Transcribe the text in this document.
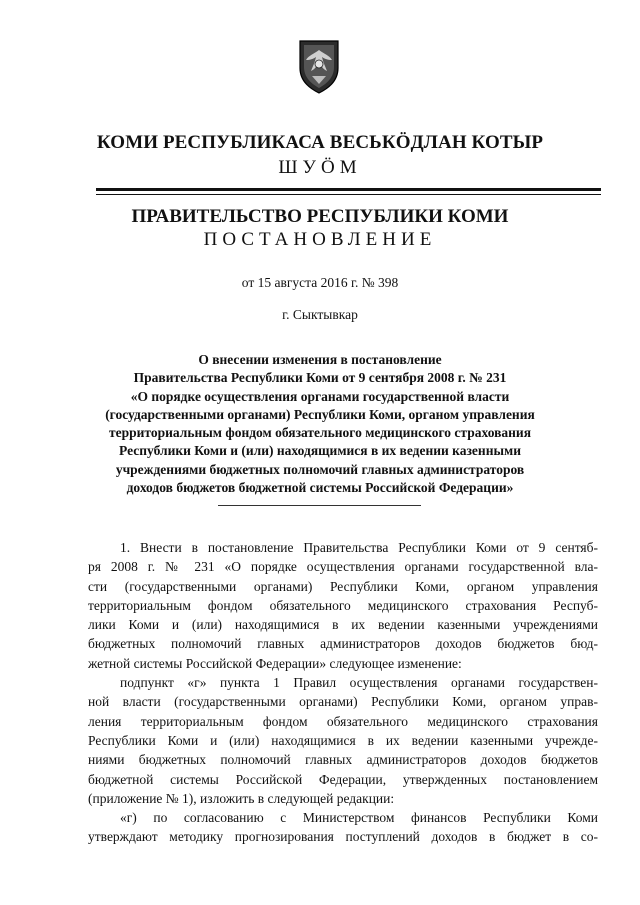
КОМИ РЕСПУБЛИКАСА ВЕСЬКӦДЛАН КОТЫР
ШУӦМ
ПРАВИТЕЛЬСТВО РЕСПУБЛИКИ КОМИ
ПОСТАНОВЛЕНИЕ
от 15 августа 2016 г. № 398
г. Сыктывкар
О внесении изменения в постановление
Правительства Республики Коми от 9 сентября 2008 г. № 231
«О порядке осуществления органами государственной власти
(государственными органами) Республики Коми, органом управления
территориальным фондом обязательного медицинского страхования
Республики Коми и (или) находящимися в их ведении казенными
учреждениями бюджетных полномочий главных администраторов
доходов бюджетов бюджетной системы Российской Федерации»

1. Внести в постановление Правительства Республики Коми от 9 сентяб-
ря 2008 г. № 231 «О порядке осуществления органами государственной вла-
сти (государственными органами) Республики Коми, органом управления
территориальным фондом обязательного медицинского страхования Респуб-
лики Коми и (или) находящимися в их ведении казенными учреждениями
бюджетных полномочий главных администраторов доходов бюджетов бюд-
жетной системы Российской Федерации» следующее изменение:

подпункт «г» пункта 1 Правил осуществления органами государствен-
ной власти (государственными органами) Республики Коми, органом управ-
ления территориальным фондом обязательного медицинского страхования
Республики Коми и (или) находящимися в их ведении казенными учрежде-
ниями бюджетных полномочий главных администраторов доходов бюджетов
бюджетной системы Российской Федерации, утвержденных постановлением
(приложение № 1), изложить в следующей редакции:

«г) по согласованию с Министерством финансов Республики Коми
утверждают методику прогнозирования поступлений доходов в бюджет в со-
